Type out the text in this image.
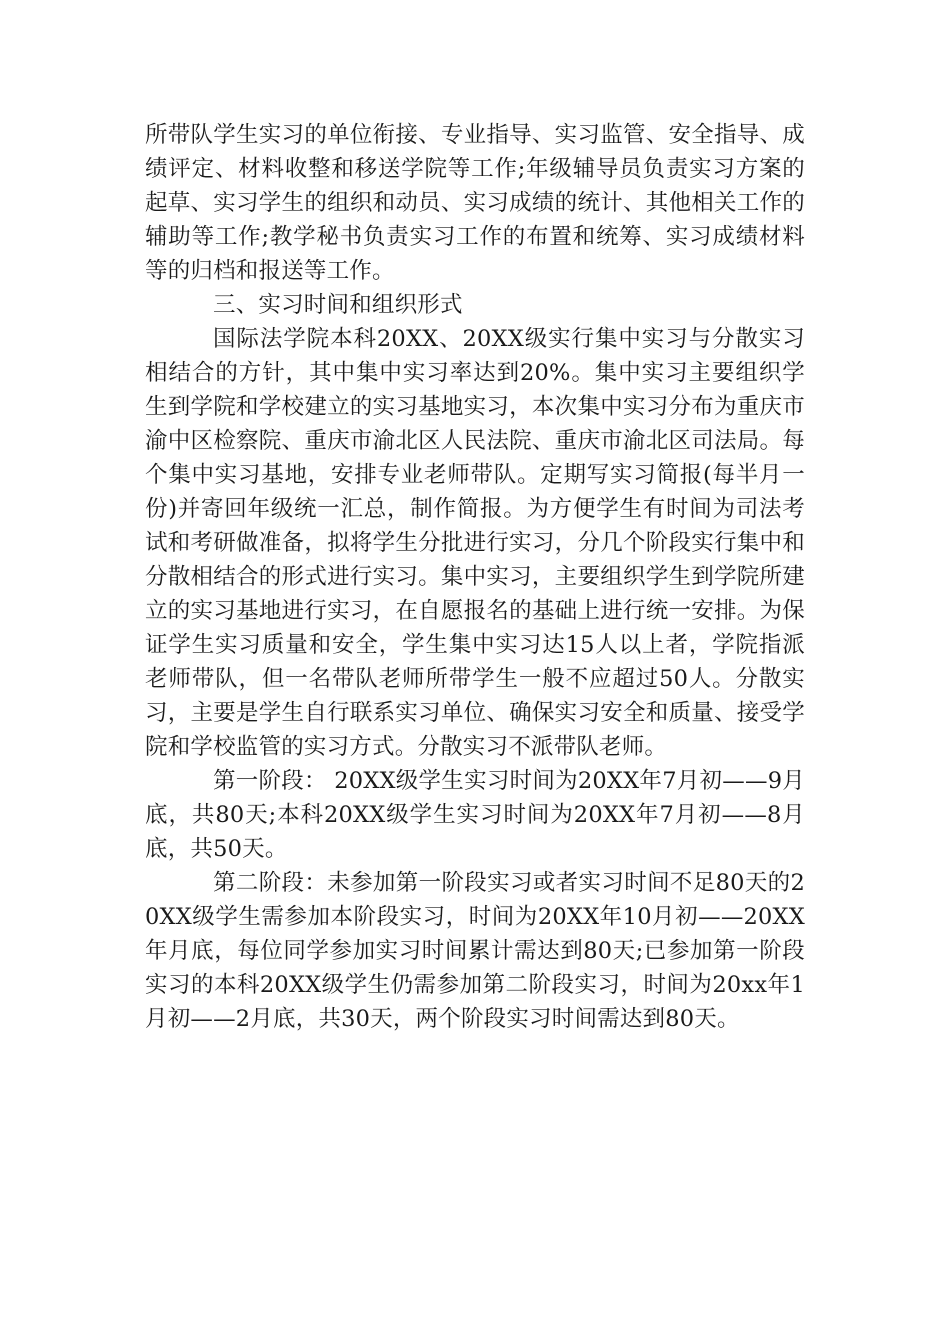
所带队学生实习的单位衔接、专业指导、实习监管、安全指导、成绩评定、材料收整和移送学院等工作;年级辅导员负责实习方案的起草、实习学生的组织和动员、实习成绩的统计、其他相关工作的辅助等工作;教学秘书负责实习工作的布置和统筹、实习成绩材料等的归档和报送等工作。

三、实习时间和组织形式

国际法学院本科20XX、20XX级实行集中实习与分散实习相结合的方针，其中集中实习率达到20%。集中实习主要组织学生到学院和学校建立的实习基地实习，本次集中实习分布为重庆市渝中区检察院、重庆市渝北区人民法院、重庆市渝北区司法局。每个集中实习基地，安排专业老师带队。定期写实习简报(每半月一份)并寄回年级统一汇总，制作简报。为方便学生有时间为司法考试和考研做准备，拟将学生分批进行实习，分几个阶段实行集中和分散相结合的形式进行实习。集中实习，主要组织学生到学院所建立的实习基地进行实习，在自愿报名的基础上进行统一安排。为保证学生实习质量和安全，学生集中实习达15人以上者，学院指派老师带队，但一名带队老师所带学生一般不应超过50人。分散实习，主要是学生自行联系实习单位、确保实习安全和质量、接受学院和学校监管的实习方式。分散实习不派带队老师。

第一阶段： 20XX级学生实习时间为20XX年7月初——9月底，共80天;本科20XX级学生实习时间为20XX年7月初——8月底，共50天。

第二阶段：未参加第一阶段实习或者实习时间不足80天的20XX级学生需参加本阶段实习，时间为20XX年10月初——20XX年月底，每位同学参加实习时间累计需达到80天;已参加第一阶段实习的本科20XX级学生仍需参加第二阶段实习，时间为20xx年1月初——2月底，共30天，两个阶段实习时间需达到80天。
